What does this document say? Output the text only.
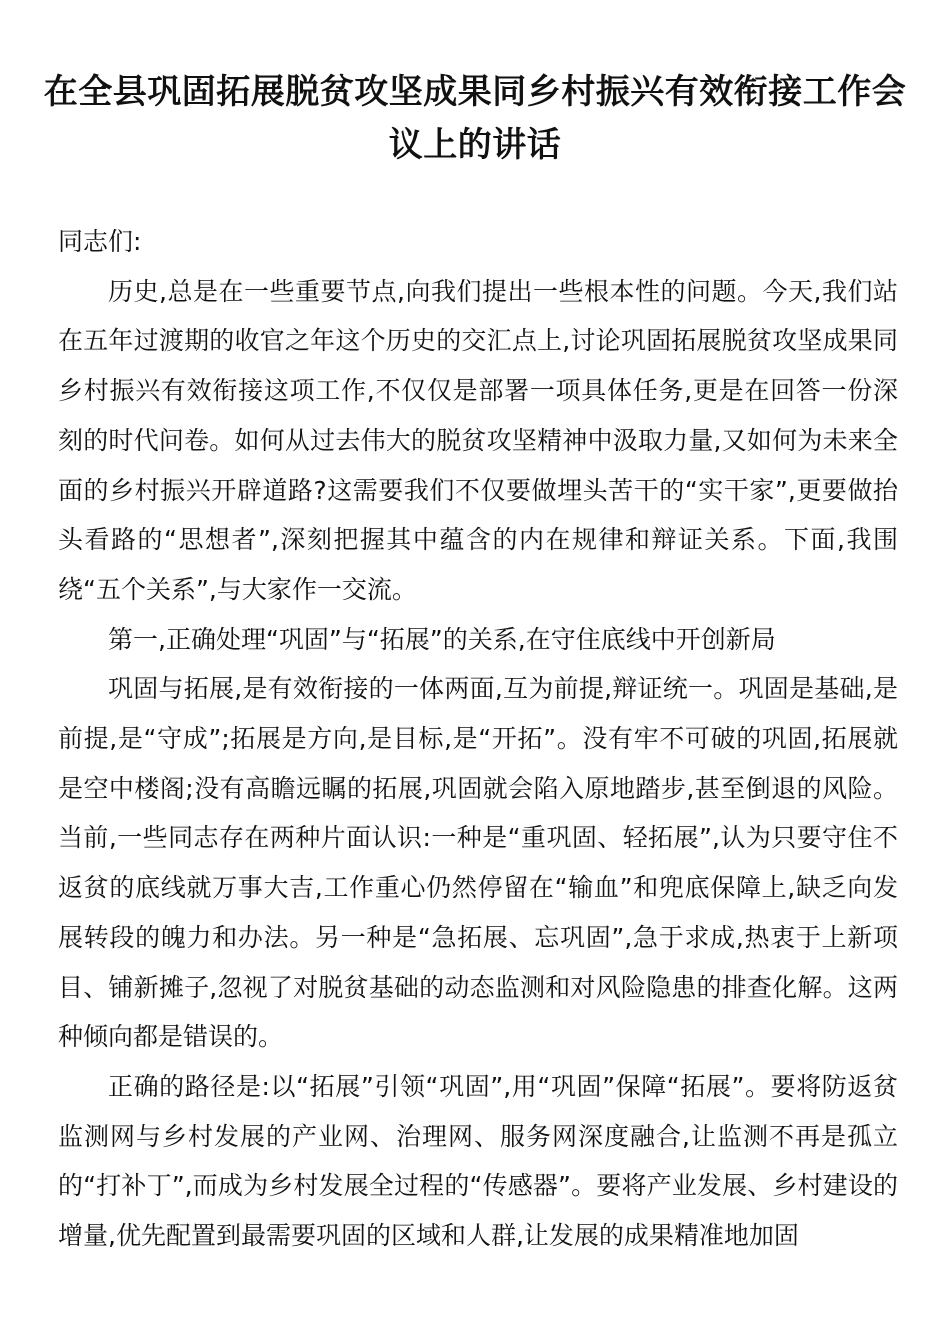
在全县巩固拓展脱贫攻坚成果同乡村振兴有效衔接工作会议上的讲话

同志们:

历史,总是在一些重要节点,向我们提出一些根本性的问题。今天,我们站在五年过渡期的收官之年这个历史的交汇点上,讨论巩固拓展脱贫攻坚成果同乡村振兴有效衔接这项工作,不仅仅是部署一项具体任务,更是在回答一份深刻的时代问卷。如何从过去伟大的脱贫攻坚精神中汲取力量,又如何为未来全面的乡村振兴开辟道路?这需要我们不仅要做埋头苦干的“实干家”,更要做抬头看路的“思想者”,深刻把握其中蕴含的内在规律和辩证关系。下面,我围绕“五个关系”,与大家作一交流。

第一,正确处理“巩固”与“拓展”的关系,在守住底线中开创新局

巩固与拓展,是有效衔接的一体两面,互为前提,辩证统一。巩固是基础,是前提,是“守成”;拓展是方向,是目标,是“开拓”。没有牢不可破的巩固,拓展就是空中楼阁;没有高瞻远瞩的拓展,巩固就会陷入原地踏步,甚至倒退的风险。当前,一些同志存在两种片面认识:一种是“重巩固、轻拓展”,认为只要守住不返贫的底线就万事大吉,工作重心仍然停留在“输血”和兜底保障上,缺乏向发展转段的魄力和办法。另一种是“急拓展、忘巩固”,急于求成,热衷于上新项目、铺新摊子,忽视了对脱贫基础的动态监测和对风险隐患的排查化解。这两种倾向都是错误的。

正确的路径是:以“拓展”引领“巩固”,用“巩固”保障“拓展”。要将防返贫监测网与乡村发展的产业网、治理网、服务网深度融合,让监测不再是孤立的“打补丁”,而成为乡村发展全过程的“传感器”。要将产业发展、乡村建设的增量,优先配置到最需要巩固的区域和人群,让发展的成果精准地加固
